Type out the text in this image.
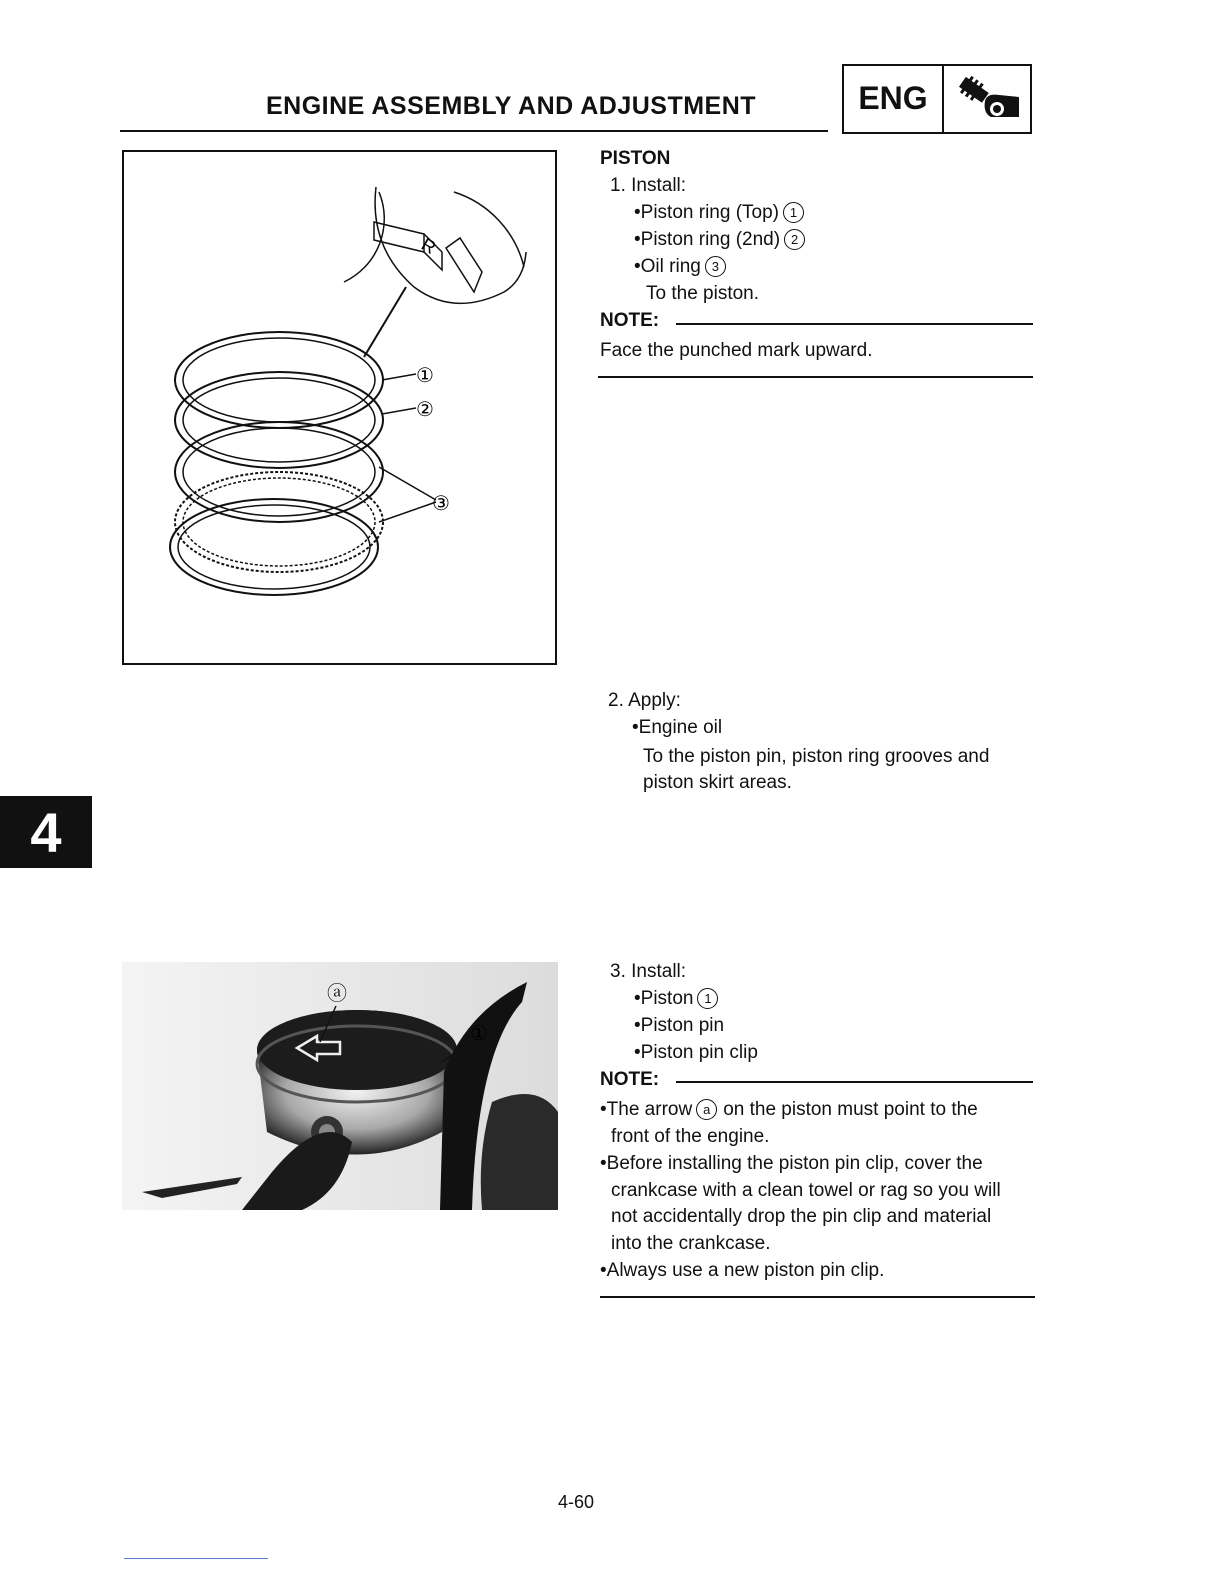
ENGINE ASSEMBLY AND ADJUSTMENT	ENG
R
①
②
③
PISTON
1. Install:
•Piston ring (Top) 1
•Piston ring (2nd) 2
•Oil ring 3
To the piston.
NOTE:
Face the punched mark upward.
2. Apply:
•Engine oil
To the piston pin, piston ring grooves and
piston skirt areas.
4
ⓐ
①
3. Install:
•Piston 1
•Piston pin
•Piston pin clip
NOTE:
•The arrow a on the piston must point to the
front of the engine.
•Before installing the piston pin clip, cover the
crankcase with a clean towel or rag so you will
not accidentally drop the pin clip and material
into the crankcase.
•Always use a new piston pin clip.
4-60
